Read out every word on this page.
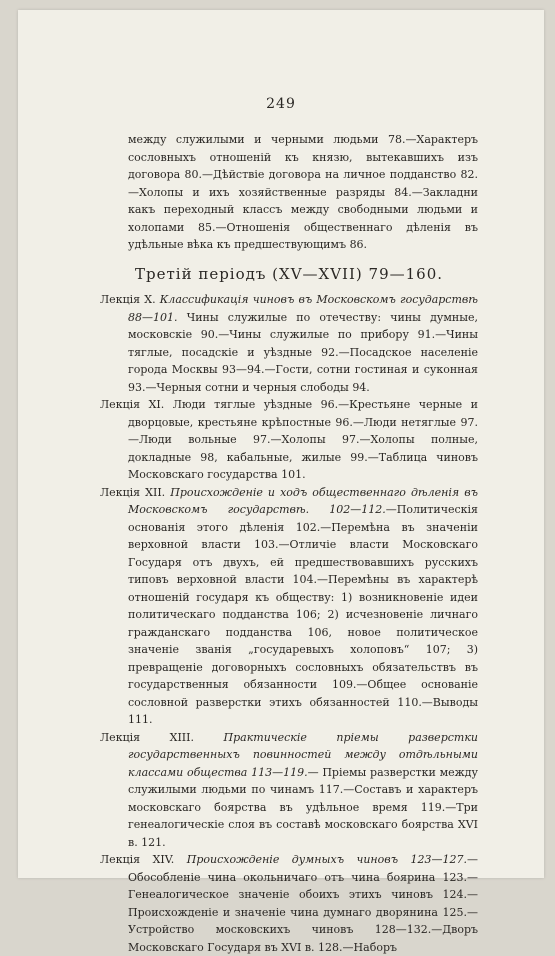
249
между служилыми и черными людьми 78.—Характеръ сословныхъ отношеній къ князю, вытекавшихъ изъ договора 80.—Дѣйствіе договора на личное подданство 82.—Холопы и ихъ хозяйственные разряды 84.—Закладни какъ переходный классъ между свободными людьми и холопами 85.—Отношенія общественнаго дѣленія въ удѣльные вѣка къ предшествующимъ 86.
Третій періодъ (XV—XVII) 79—160.
Лекція X. Классификація чиновъ въ Московскомъ государствѣ 88—101. Чины служилые по отечеству: чины думные, московскіе 90.—Чины служилые по прибору 91.—Чины тяглые, посадскіе и уѣздные 92.—Посадское населеніе города Москвы 93—94.—Гости, сотни гостиная и суконная 93.—Черныя сотни и черныя слободы 94.
Лекція XI. Люди тяглые уѣздные 96.—Крестьяне черные и дворцовые, крестьяне крѣпостные 96.—Люди нетяглые 97.—Люди вольные 97.—Холопы 97.—Холопы полные, докладные 98, кабальные, жилые 99.—Таблица чиновъ Московскаго государства 101.
Лекція XII. Происхожденіе и ходъ общественнаго дѣленія въ Московскомъ государствѣ. 102—112.—Политическія основанія этого дѣленія 102.—Перемѣна въ значеніи верховной власти 103.—Отличіе власти Московскаго Государя отъ двухъ, ей предшествовавшихъ русскихъ типовъ верховной власти 104.—Перемѣны въ характерѣ отношеній государя къ обществу: 1) возникновеніе идеи политическаго подданства 106; 2) исчезновеніе личнаго гражданскаго подданства 106, новое политическое значеніе званія „государевыхъ холоповъ“ 107; 3) превращеніе договорныхъ сословныхъ обязательствъ въ государственныя обязанности 109.—Общее основаніе сословной разверстки этихъ обязанностей 110.—Выводы 111.
Лекція XIII.	Практическіе пріемы разверстки государственныхъ повинностей между отдѣльными классами общества 113—119.— Пріемы разверстки между служилыми людьми по чинамъ 117.—Составъ и характеръ московскаго боярства въ удѣльное время 119.—Три генеалогическіе слоя въ составѣ московскаго боярства XVI в. 121.
Лекція XIV. Происхожденіе думныхъ чиновъ 123—127.—Обособленіе чина окольничаго отъ чина боярина 123.—Генеалогическое значеніе обоихъ этихъ чиновъ 124.—Происхожденіе и значеніе чина думнаго дворянина 125.—Устройство московскихъ чиновъ 128—132.—Дворъ Московскаго Государя въ XVI в. 128.—Наборъ
